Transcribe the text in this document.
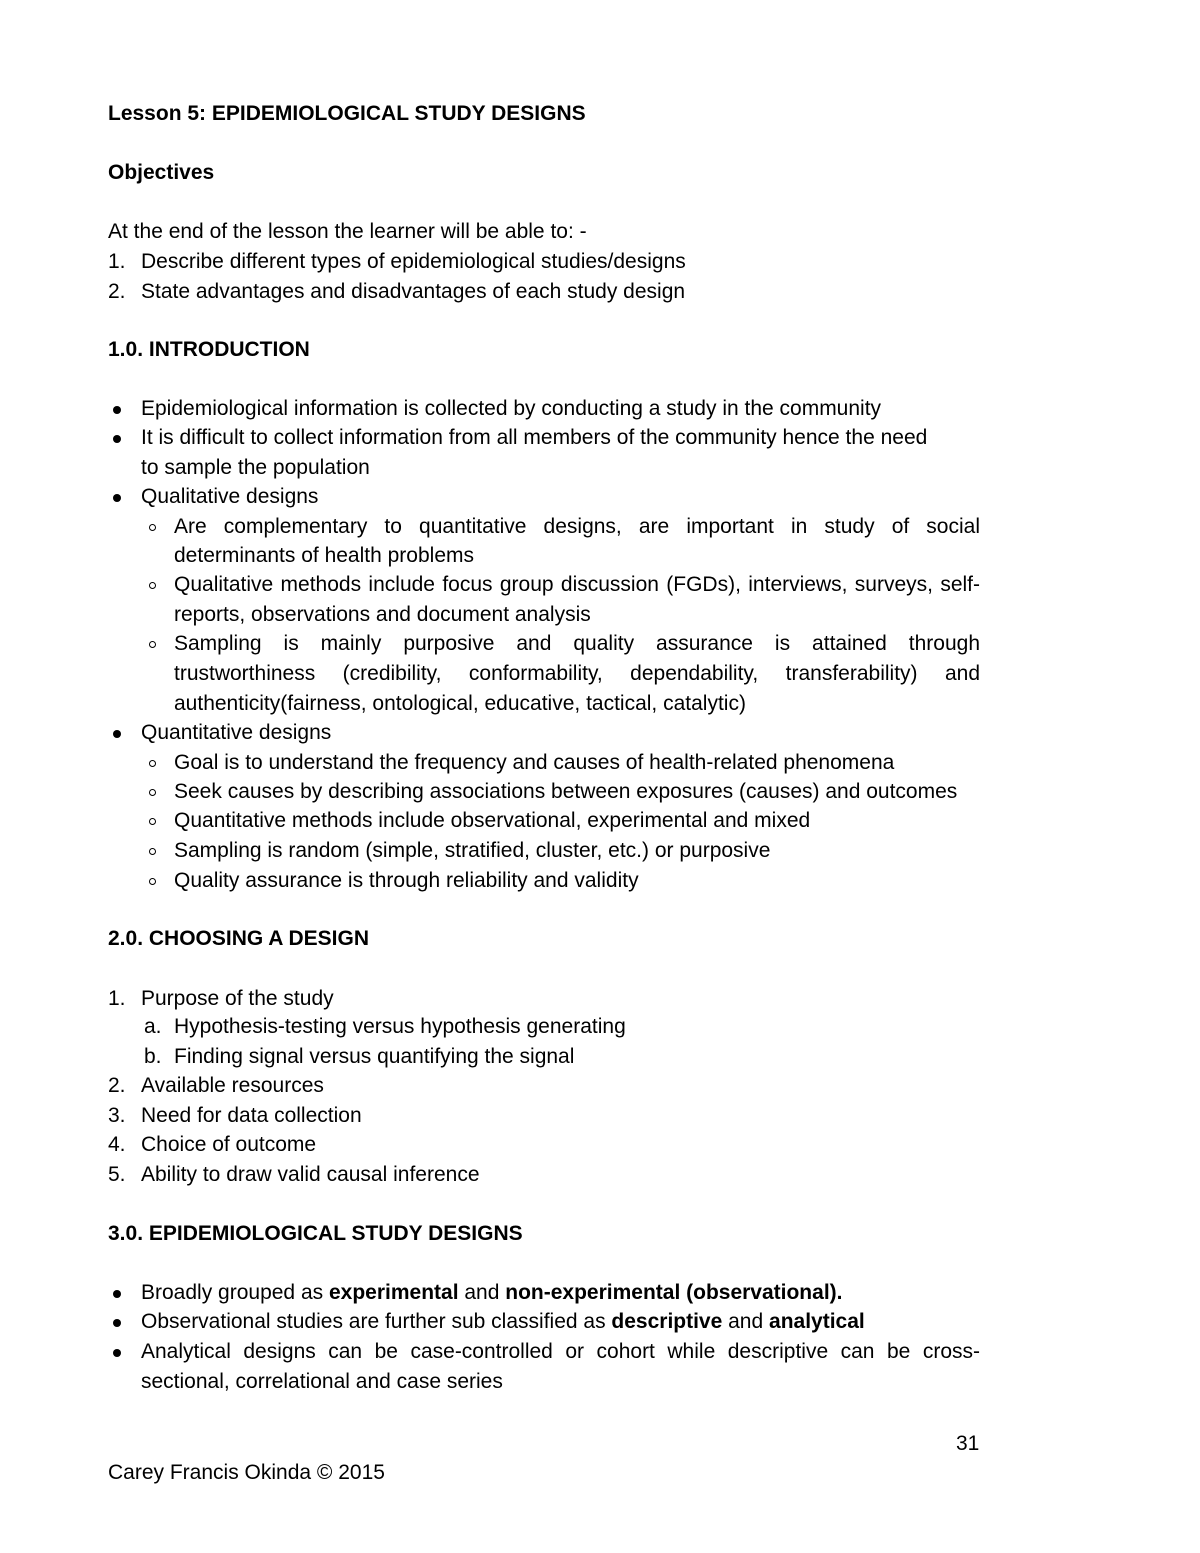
Lesson 5: EPIDEMIOLOGICAL STUDY DESIGNS
Objectives
At the end of the lesson the learner will be able to: -
1. Describe different types of epidemiological studies/designs
2. State advantages and disadvantages of each study design
1.0. INTRODUCTION
Epidemiological information is collected by conducting a study in the community
It is difficult to collect information from all members of the community hence the need
to sample the population
Qualitative designs
Are complementary to quantitative designs, are important in study of social
determinants of health problems
Qualitative methods include focus group discussion (FGDs), interviews, surveys, self-
reports, observations and document analysis
Sampling is mainly purposive and quality assurance is attained through
trustworthiness (credibility, conformability, dependability, transferability) and
authenticity(fairness, ontological, educative, tactical, catalytic)
Quantitative designs
Goal is to understand the frequency and causes of health-related phenomena
Seek causes by describing associations between exposures (causes) and outcomes
Quantitative methods include observational, experimental and mixed
Sampling is random (simple, stratified, cluster, etc.) or purposive
Quality assurance is through reliability and validity
2.0. CHOOSING A DESIGN
1. Purpose of the study
a. Hypothesis-testing versus hypothesis generating
b. Finding signal versus quantifying the signal
2. Available resources
3. Need for data collection
4. Choice of outcome
5. Ability to draw valid causal inference
3.0. EPIDEMIOLOGICAL STUDY DESIGNS
Broadly grouped as experimental and non-experimental (observational).
Observational studies are further sub classified as descriptive and analytical
Analytical designs can be case-controlled or cohort while descriptive can be cross-
sectional, correlational and case series
31
Carey Francis Okinda © 2015
